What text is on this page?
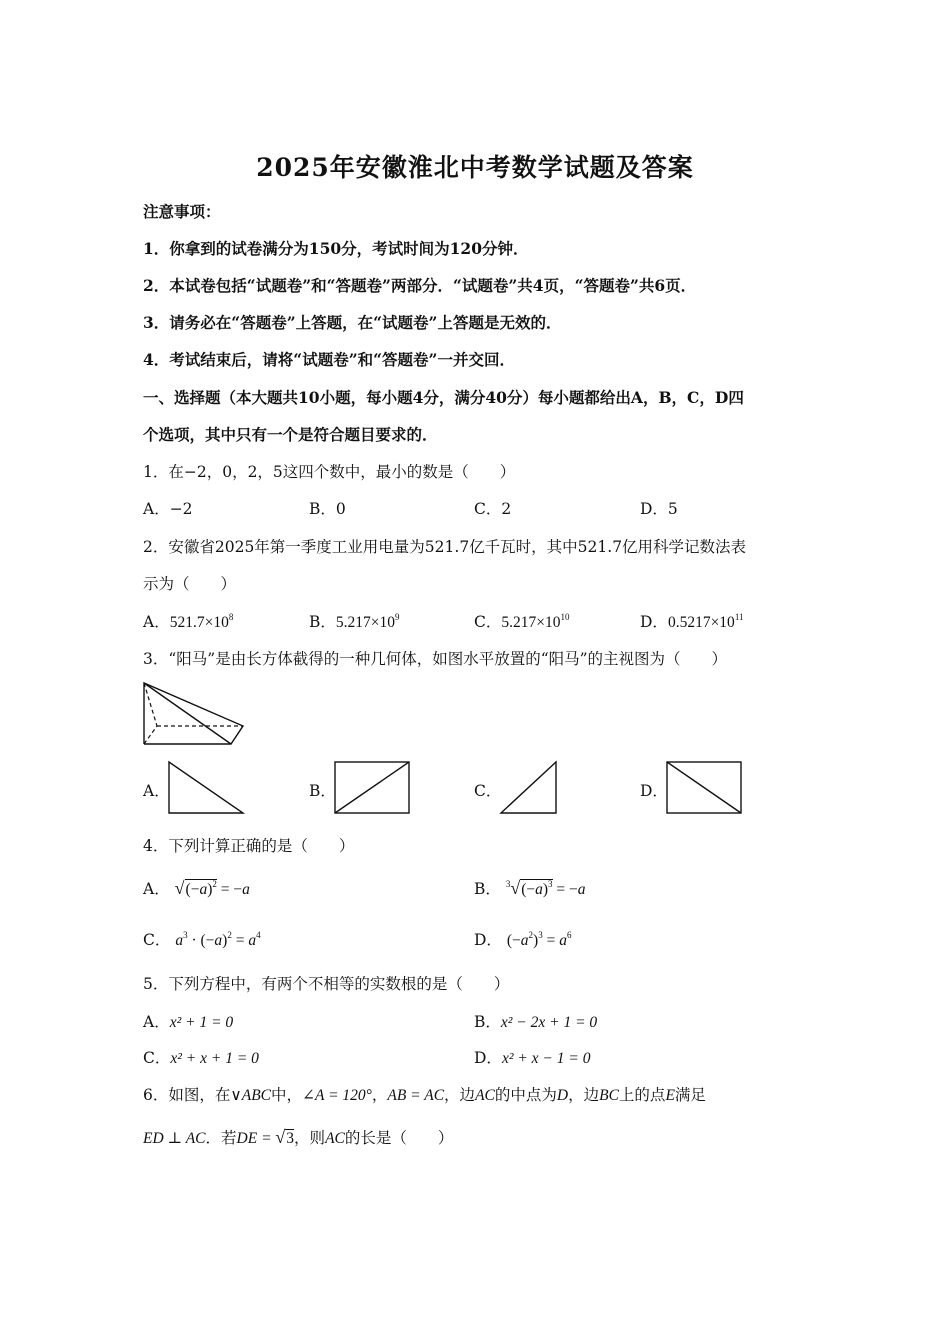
2025年安徽淮北中考数学试题及答案
注意事项：
1．你拿到的试卷满分为150分，考试时间为120分钟．
2．本试卷包括“试题卷”和“答题卷”两部分．“试题卷”共4页，“答题卷”共6页．
3．请务必在“答题卷”上答题，在“试题卷”上答题是无效的．
4．考试结束后，请将“试题卷”和“答题卷”一并交回．
一、选择题（本大题共10小题，每小题4分，满分40分）每小题都给出A，B，C，D四
个选项，其中只有一个是符合题目要求的．
1．在−2，0，2，5这四个数中，最小的数是（　　）
A．−2	B．0	C．2	D．5
2．安徽省2025年第一季度工业用电量为521.7亿千瓦时，其中521.7亿用科学记数法表
示为（　　）
A．$521.7\times 10^8$	B．$5.217\times 10^9$	C．$5.217\times 10^{10}$	D．$0.5217\times 10^{11}$
3．“阳马”是由长方体截得的一种几何体，如图水平放置的“阳马”的主视图为（　　）
A．	B．	C．	D．
4．下列计算正确的是（　　）
A． $√(-a)^2 = -a$	B． $^3√(-a)^3 = -a$
C． $a^3 \cdot (-a)^2 = a^4$	D． $(-a^2)^3 = a^6$
5．下列方程中，有两个不相等的实数根的是（　　）
A．x² + 1 = 0	B．x² − 2x + 1 = 0
C．x² + x + 1 = 0	D．x² + x − 1 = 0
6．如图，在∨ABC中，∠A = 120°，AB = AC，边AC的中点为D，边BC上的点E满足
ED ⊥ AC．若DE = √3，则AC的长是（　　）
